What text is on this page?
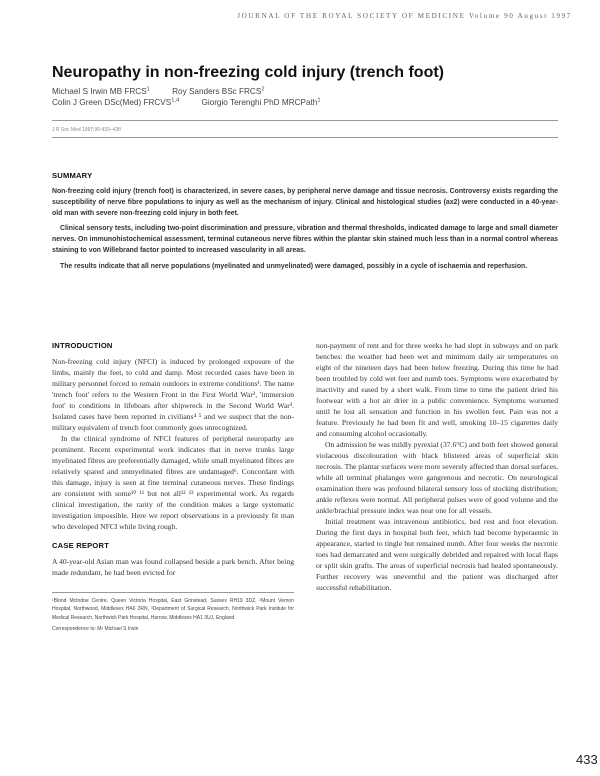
JOURNAL OF THE ROYAL SOCIETY OF MEDICINE Volume 90 August 1997
Neuropathy in non-freezing cold injury (trench foot)
Michael S Irwin MB FRCS$^1$	Roy Sanders BSc FRCS$^2$
Colin J Green DSc(Med) FRCVS$^{1,4}$	Giorgio Terenghi PhD MRCPath$^1$
J R Soc Med 1997;90:433–438
SUMMARY

Non-freezing cold injury (trench foot) is characterized, in severe cases, by peripheral nerve damage and tissue necrosis. Controversy exists regarding the susceptibility of nerve fibre populations to injury as well as the mechanism of injury. Clinical and histological studies (ax2) were conducted in a 40-year-old man with severe non-freezing cold injury in both feet.

Clinical sensory tests, including two-point discrimination and pressure, vibration and thermal thresholds, indicated damage to large and small diameter nerves. On immunohistochemical assessment, terminal cutaneous nerve fibres within the plantar skin stained much less than in a normal control whereas staining to von Willebrand factor pointed to increased vascularity in all areas.

The results indicate that all nerve populations (myelinated and unmyelinated) were damaged, possibly in a cycle of ischaemia and reperfusion.

INTRODUCTION

Non-freezing cold injury (NFCI) is induced by prolonged exposure of the limbs, mainly the feet, to cold and damp. Most recorded cases have been in military personnel forced to remain outdoors in extreme conditions¹. The name 'trench foot' refers to the Western Front in the First World War², 'immersion foot' to conditions in lifeboats after shipwreck in the Second World War³. Isolated cases have been reported in civilians⁴ ⁵ and we suspect that the non-military equivalent of trench foot commonly goes unrecognized.

In the clinical syndrome of NFCI features of peripheral neuropathy are prominent. Recent experimental work indicates that in nerve trunks large myelinated fibres are preferentially damaged, while small myelinated fibres are relatively spared and unmyelinated fibres are undamaged⁶. Concordant with this damage, injury is seen at fine terminal cutaneous nerves. These findings are consistent with some¹⁰ ¹¹ but not all¹² ¹³ experimental work. As regards clinical investigation, the rarity of the condition makes a large systematic investigation impossible. Here we report observations in a previously fit man who developed NFCI while living rough.

CASE REPORT

A 40-year-old Asian man was found collapsed beside a park bench. After being made redundant, he had been evicted for

¹Blond McIndoe Centre, Queen Victoria Hospital, East Grinstead, Sussex RH19 3DZ, ²Mount Vernon Hospital, Northwood, Middlesex HA6 2RN, ³Department of Surgical Research, Northwick Park Institute for Medical Research, Northwick Park Hospital, Harrow, Middlesex HA1 3UJ, England

Correspondence to: Mr Michael S Irwin

non-payment of rent and for three weeks he had slept in subways and on park benches: the weather had been wet and minimum daily air temperatures on eight of the nineteen days had been below freezing. During this time he had been troubled by cold wet feet and numb toes. Symptoms were exacerbated by inactivity and eased by a short walk. From time to time the patient dried his footwear with a hot air drier in a public convenience. Symptoms worsened until he lost all sensation and function in his swollen feet. Pain was not a feature. Previously he had been fit and well, smoking 10–15 cigarettes daily and consuming alcohol occasionally.

On admission he was mildly pyrexial (37.6°C) and both feet showed general violaceous discolouration with black blistered areas of superficial skin necrosis. The plantar surfaces were more severely affected than dorsal surfaces, while all terminal phalanges were gangrenous and necrotic. On neurological examination there was profound bilateral sensory loss of stocking distribution; ankle reflexes were normal. All peripheral pulses were of good volume and the ankle/brachial pressure index was near one for all vessels.

Initial treatment was intravenous antibiotics, bed rest and foot elevation. During the first days in hospital both feet, which had become hyperaemic in appearance, started to tingle but remained numb. After four weeks the necrotic toes had demarcated and were surgically debrided and repaired with local flaps or split skin grafts. The areas of superficial necrosis had healed spontaneously. Further recovery was uneventful and the patient was discharged after successful rehabilitation.

433
